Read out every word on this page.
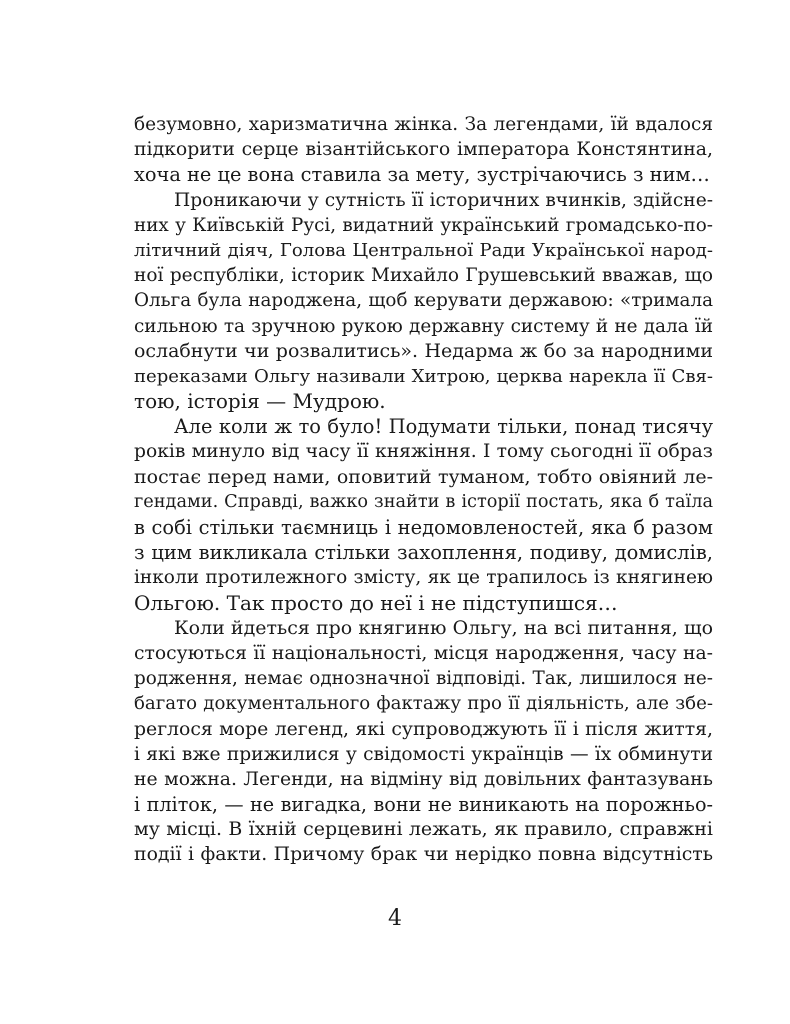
безумовно, харизматична жінка. За легендами, їй вдалося
підкорити серце візантійського імператора Констянтина,
хоча не це вона ставила за мету, зустрічаючись з ним…
Проникаючи у сутність її історичних вчинків, здійсне-
них у Київській Русі, видатний український громадсько-по-
літичний діяч, Голова Центральної Ради Української народ-
ної республіки, історик Михайло Грушевський вважав, що
Ольга була народжена, щоб керувати державою: «тримала
сильною та зручною рукою державну систему й не дала їй
ослабнути чи розвалитись». Недарма ж бо за народними
переказами Ольгу називали Хитрою, церква нарекла її Свя-
тою, історія — Мудрою.
Але коли ж то було! Подумати тільки, понад тисячу
років минуло від часу її княжіння. І тому сьогодні її образ
постає перед нами, оповитий туманом, тобто овіяний ле-
гендами. Справді, важко знайти в історії постать, яка б таїла
в собі стільки таємниць і недомовленостей, яка б разом
з цим викликала стільки захоплення, подиву, домислів,
інколи протилежного змісту, як це трапилось із княгинею
Ольгою. Так просто до неї і не підступишся…
Коли йдеться про княгиню Ольгу, на всі питання, що
стосуються її національності, місця народження, часу на-
родження, немає однозначної відповіді. Так, лишилося не-
багато документального фактажу про її діяльність, але збе-
реглося море легенд, які супроводжують її і після життя,
і які вже прижилися у свідомості українців — їх обминути
не можна. Легенди, на відміну від довільних фантазувань
і пліток, — не вигадка, вони не виникають на порожньо-
му місці. В їхній серцевині лежать, як правило, справжні
події і факти. Причому брак чи нерідко повна відсутність
4
